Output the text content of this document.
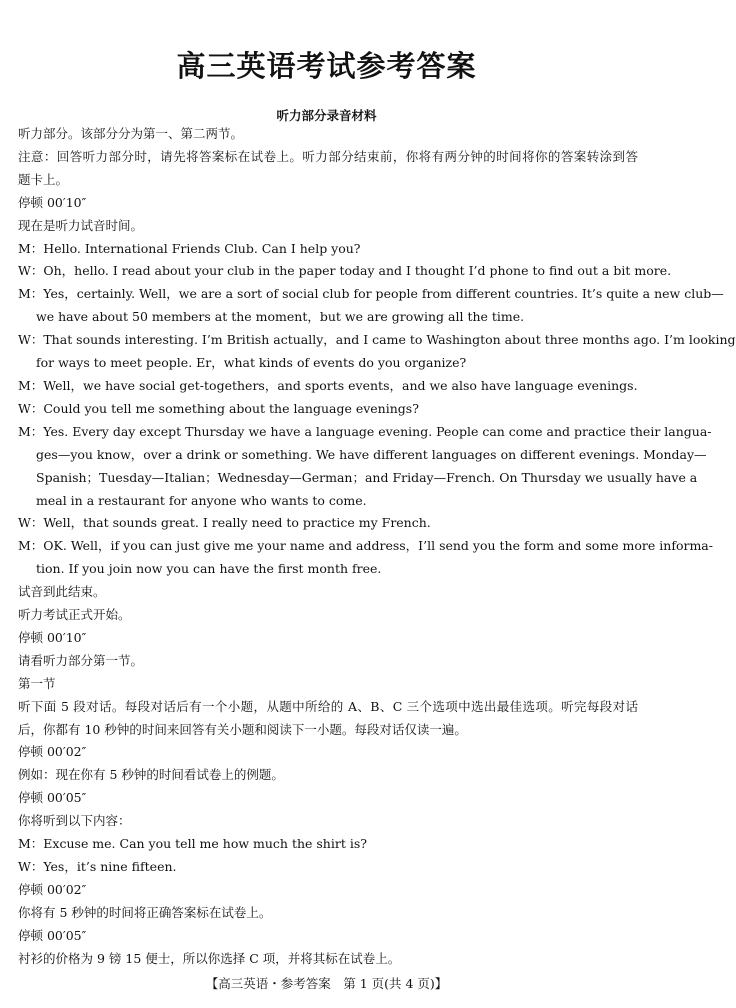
高三英语考试参考答案
听力部分录音材料
听力部分。该部分分为第一、第二两节。
注意：回答听力部分时，请先将答案标在试卷上。听力部分结束前，你将有两分钟的时间将你的答案转涂到答
题卡上。
停顿 00′10″
现在是听力试音时间。
M：Hello. International Friends Club. Can I help you?
W：Oh，hello. I read about your club in the paper today and I thought I’d phone to find out a bit more.
M：Yes，certainly. Well，we are a sort of social club for people from different countries. It’s quite a new club—
we have about 50 members at the moment，but we are growing all the time.
W：That sounds interesting. I’m British actually，and I came to Washington about three months ago. I’m looking
for ways to meet people. Er，what kinds of events do you organize?
M：Well，we have social get-togethers，and sports events，and we also have language evenings.
W：Could you tell me something about the language evenings?
M：Yes. Every day except Thursday we have a language evening. People can come and practice their langua-
ges—you know，over a drink or something. We have different languages on different evenings. Monday—
Spanish；Tuesday—Italian；Wednesday—German；and Friday—French. On Thursday we usually have a
meal in a restaurant for anyone who wants to come.
W：Well，that sounds great. I really need to practice my French.
M：OK. Well，if you can just give me your name and address，I’ll send you the form and some more informa-
tion. If you join now you can have the first month free.
试音到此结束。
听力考试正式开始。
停顿 00′10″
请看听力部分第一节。
第一节
听下面 5 段对话。每段对话后有一个小题，从题中所给的 A、B、C 三个选项中选出最佳选项。听完每段对话
后，你都有 10 秒钟的时间来回答有关小题和阅读下一小题。每段对话仅读一遍。
停顿 00′02″
例如：现在你有 5 秒钟的时间看试卷上的例题。
停顿 00′05″
你将听到以下内容：
M：Excuse me. Can you tell me how much the shirt is?
W：Yes，it’s nine fifteen.
停顿 00′02″
你将有 5 秒钟的时间将正确答案标在试卷上。
停顿 00′05″
衬衫的价格为 9 镑 15 便士，所以你选择 C 项，并将其标在试卷上。
【高三英语・参考答案　第 1 页(共 4 页)】
